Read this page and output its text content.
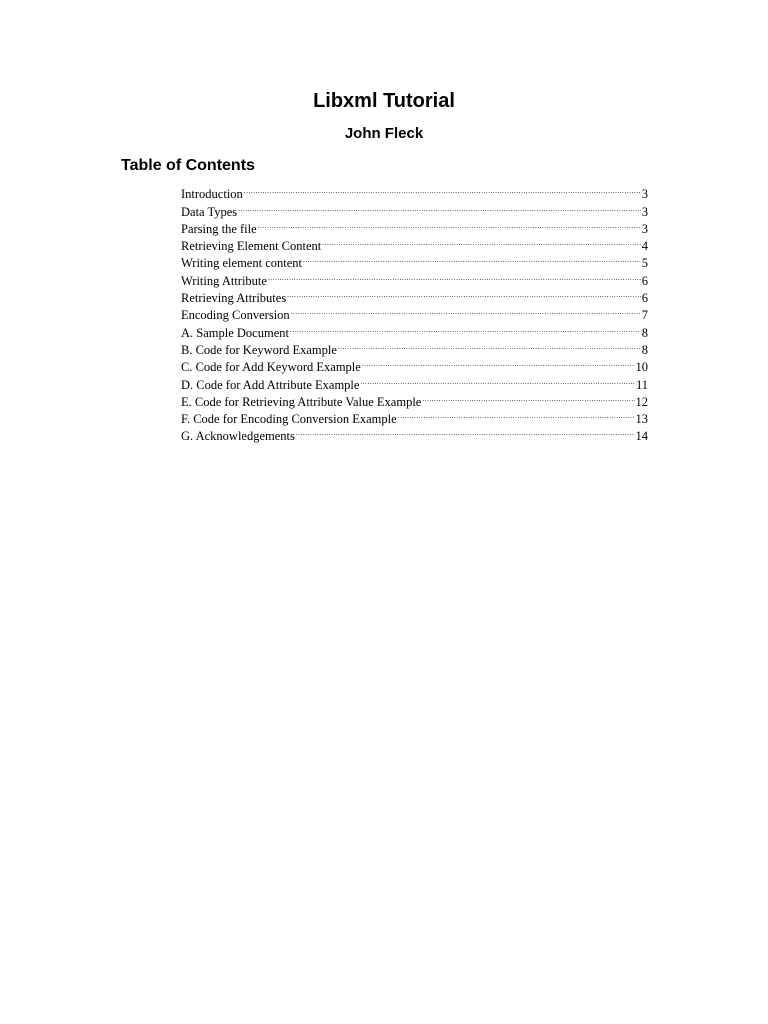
Libxml Tutorial
John Fleck
Table of Contents
Introduction .....	3
Data Types .....	3
Parsing the file .....	3
Retrieving Element Content .....	4
Writing element content .....	5
Writing Attribute .....	6
Retrieving Attributes .....	6
Encoding Conversion .....	7
A. Sample Document .....	8
B. Code for Keyword Example .....	8
C. Code for Add Keyword Example .....	10
D. Code for Add Attribute Example .....	11
E. Code for Retrieving Attribute Value Example .....	12
F. Code for Encoding Conversion Example .....	13
G. Acknowledgements .....	14
